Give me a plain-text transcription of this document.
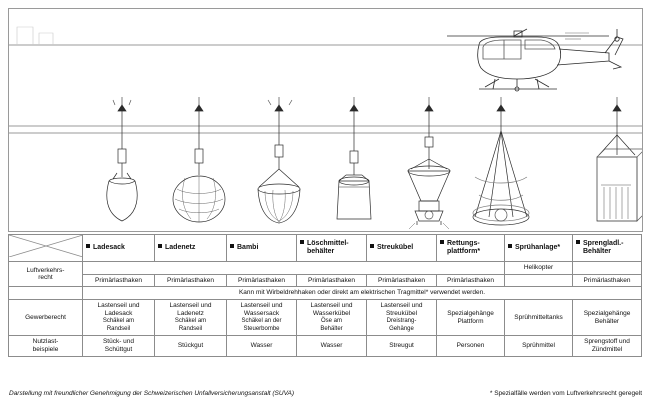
	Ladesack	Ladenetz	Bambi	Löschmittel-
behälter	Streukübel	Rettungs-
plattform*	Sprühanlage*	Sprengladl.-
Behälter
Luftverkehrs-
recht							Helikopter	
	Primärlasthaken	Primärlasthaken	Primärlasthaken	Primärlasthaken	Primärlasthaken	Primärlasthaken		Primärlasthaken
	Kann mit Wirbeldrehhaken oder direkt am elektrischen Tragmittel* verwendet werden.							
Gewerberecht	Lastenseil und
Ladesack
Schäkel am
Randseil	Lastenseil und
Ladenetz
Schäkel am
Randseil	Lastenseil und
Wassersack
Schäkel an der
Steuerbombe	Lastenseil und
Wasserkübel
Öse am
Behälter	Lastenseil und
Streukübel
Dreistrang-
Gehänge	Spezialgehänge
Plattform	Sprühmitteltanks	Spezialgehänge
Behälter
Nutzlast-
beispiele	Stück- und
Schüttgut	Stückgut	Wasser	Wasser	Streugut	Personen	Sprühmittel	Sprengstoff und
Zündmittel
Darstellung mit freundlicher Genehmigung der Schweizerischen Unfallversicherungsanstalt (SUVA)	* Spezialfälle werden vom Luftverkehrsrecht geregelt
